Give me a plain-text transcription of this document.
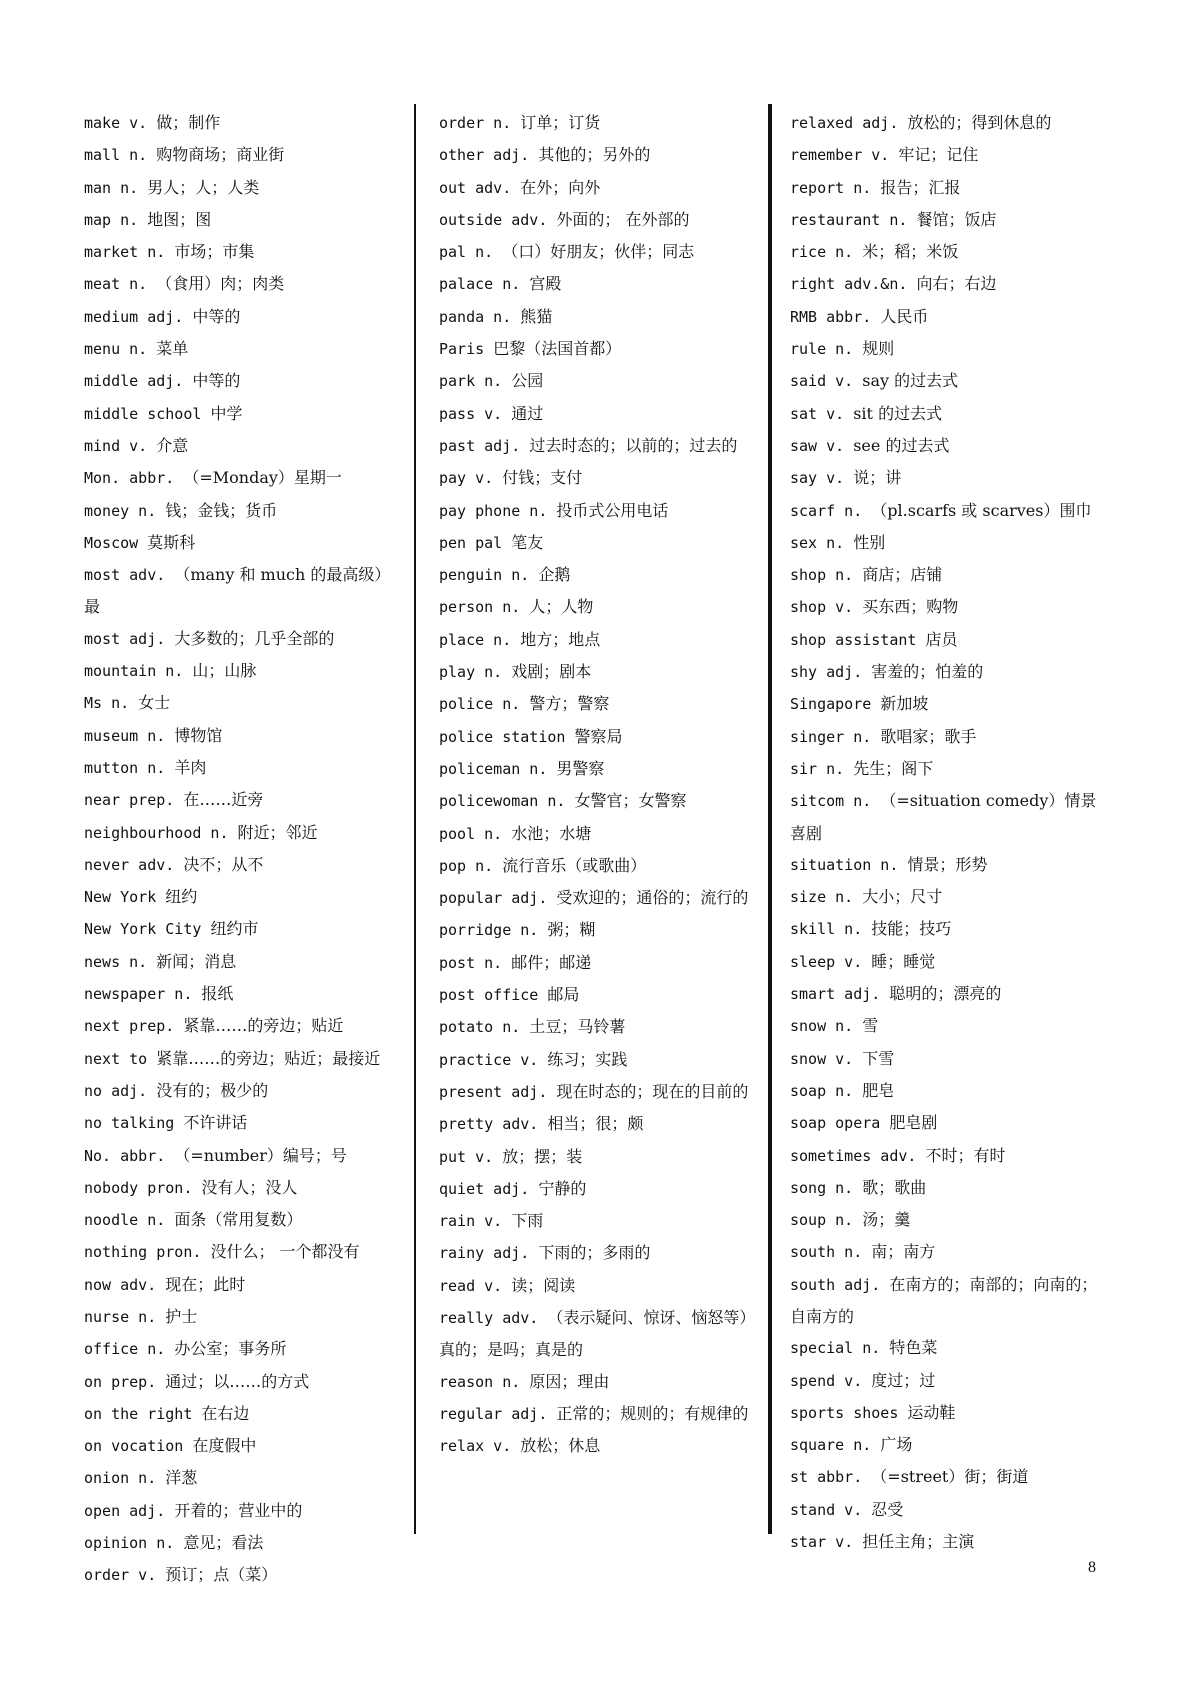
make v. 做；制作
mall n. 购物商场；商业街
man n. 男人；人；人类
map n. 地图；图
market n. 市场；市集
meat n. （食用）肉；肉类
medium adj. 中等的
menu n. 菜单
middle adj. 中等的
middle school 中学
mind v. 介意
Mon. abbr. （=Monday）星期一
money n. 钱；金钱；货币
Moscow 莫斯科
most adv. （many 和 much 的最高级）最
most adj. 大多数的；几乎全部的
mountain n. 山；山脉
Ms n. 女士
museum n. 博物馆
mutton n. 羊肉
near prep. 在……近旁
neighbourhood n. 附近；邻近
never adv. 决不；从不
New York 纽约
New York City 纽约市
news n. 新闻；消息
newspaper n. 报纸
next prep. 紧靠……的旁边；贴近
next to 紧靠……的旁边；贴近；最接近
no adj. 没有的；极少的
no talking 不许讲话
No. abbr. （=number）编号；号
nobody pron. 没有人；没人
noodle n. 面条（常用复数）
nothing pron. 没什么； 一个都没有
now adv. 现在；此时
nurse n. 护士
office n. 办公室；事务所
on prep. 通过；以……的方式
on the right 在右边
on vocation 在度假中
onion n. 洋葱
open adj. 开着的；营业中的
opinion n. 意见；看法
order v. 预订；点（菜）
order n. 订单；订货
other adj. 其他的；另外的
out adv. 在外；向外
outside adv. 外面的； 在外部的
pal n. （口）好朋友；伙伴；同志
palace n. 宫殿
panda n. 熊猫
Paris 巴黎（法国首都）
park n. 公园
pass v. 通过
past adj. 过去时态的；以前的；过去的
pay v. 付钱；支付
pay phone n. 投币式公用电话
pen pal 笔友
penguin n. 企鹅
person n. 人；人物
place n. 地方；地点
play n. 戏剧；剧本
police n. 警方；警察
police station 警察局
policeman n. 男警察
policewoman n. 女警官；女警察
pool n. 水池；水塘
pop n. 流行音乐（或歌曲）
popular adj. 受欢迎的；通俗的；流行的
porridge n. 粥；糊
post n. 邮件；邮递
post office 邮局
potato n. 土豆；马铃薯
practice v. 练习；实践
present adj. 现在时态的；现在的目前的
pretty adv. 相当；很；颇
put v. 放；摆；装
quiet adj. 宁静的
rain v. 下雨
rainy adj. 下雨的；多雨的
read v. 读；阅读
really adv. （表示疑问、惊讶、恼怒等）真的；是吗；真是的
reason n. 原因；理由
regular adj. 正常的；规则的；有规律的
relax v. 放松；休息
relaxed adj. 放松的；得到休息的
remember v. 牢记；记住
report n. 报告；汇报
restaurant n. 餐馆；饭店
rice n. 米；稻；米饭
right adv.&n. 向右；右边
RMB abbr. 人民币
rule n. 规则
said v. say 的过去式
sat v. sit 的过去式
saw v. see 的过去式
say v. 说；讲
scarf n. （pl.scarfs 或 scarves）围巾
sex n. 性别
shop n. 商店；店铺
shop v. 买东西；购物
shop assistant 店员
shy adj. 害羞的；怕羞的
Singapore 新加坡
singer n. 歌唱家；歌手
sir n. 先生；阁下
sitcom n. （=situation comedy）情景喜剧
situation n. 情景；形势
size n. 大小；尺寸
skill n. 技能；技巧
sleep v. 睡；睡觉
smart adj. 聪明的；漂亮的
snow n. 雪
snow v. 下雪
soap n. 肥皂
soap opera 肥皂剧
sometimes adv. 不时；有时
song n. 歌；歌曲
soup n. 汤；羹
south n. 南；南方
south adj. 在南方的；南部的；向南的；自南方的
special n. 特色菜
spend v. 度过；过
sports shoes 运动鞋
square n. 广场
st abbr. （=street）街；街道
stand v. 忍受
star v. 担任主角；主演
8
